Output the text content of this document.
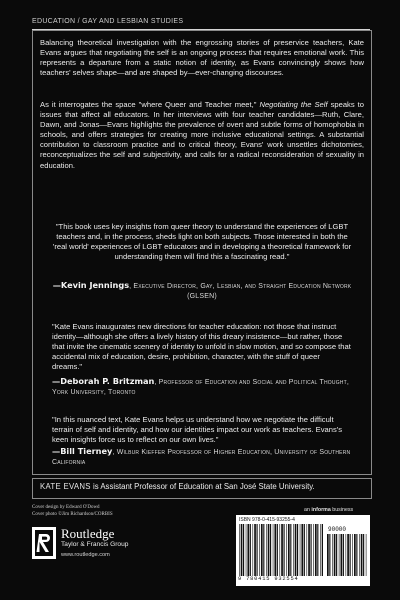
EDUCATION / GAY AND LESBIAN STUDIES

Balancing theoretical investigation with the engrossing stories of preservice teachers, Kate Evans argues that negotiating the self is an ongoing process that requires emotional work. This represents a departure from a static notion of identity, as Evans convincingly shows how teachers' selves shape—and are shaped by—ever-changing discourses.

As it interrogates the space "where Queer and Teacher meet," Negotiating the Self speaks to issues that affect all educators. In her interviews with four teacher candidates—Ruth, Clare, Dawn, and Jonas—Evans highlights the prevalence of overt and subtle forms of homophobia in schools, and offers strategies for creating more inclusive educational settings. A substantial contribution to classroom practice and to critical theory, Evans' work unsettles dichotomies, reconceptualizes the self and subjectivity, and calls for a radical reconsideration of sexuality in education.

"This book uses key insights from queer theory to understand the experiences of LGBT teachers and, in the process, sheds light on both subjects. Those interested in both the 'real world' experiences of LGBT educators and in developing a theoretical framework for understanding them will find this a fascinating read."
—Kevin Jennings, Executive Director, Gay, Lesbian, and Straight Education Network (GLSEN)
"Kate Evans inaugurates new directions for teacher education: not those that instruct identity—although she offers a lively history of this dreary insistence—but rather, those that invite the cinematic scenery of identity to unfold in slow motion, and so compose that accidental mix of education, desire, prohibition, character, with the stuff of queer dreams."
—Deborah P. Britzman, Professor of Education and Social and Political Thought, York University, Toronto
"In this nuanced text, Kate Evans helps us understand how we negotiate the difficult terrain of self and identity, and how our identities impact our work as teachers. Evans's keen insights force us to reflect on our own lives."
—Bill Tierney, Wilbur Kieffer Professor of Higher Education, University of Southern California
KATE EVANS is Assistant Professor of Education at San José State University.
Cover design by Edward O'Dowd
Cover photo ©Jim Richardson/CORBIS
Routledge
Taylor & Francis Group
www.routledge.com
an informa business
ISBN 978-0-415-93255-4
90000
9 780415 932554
